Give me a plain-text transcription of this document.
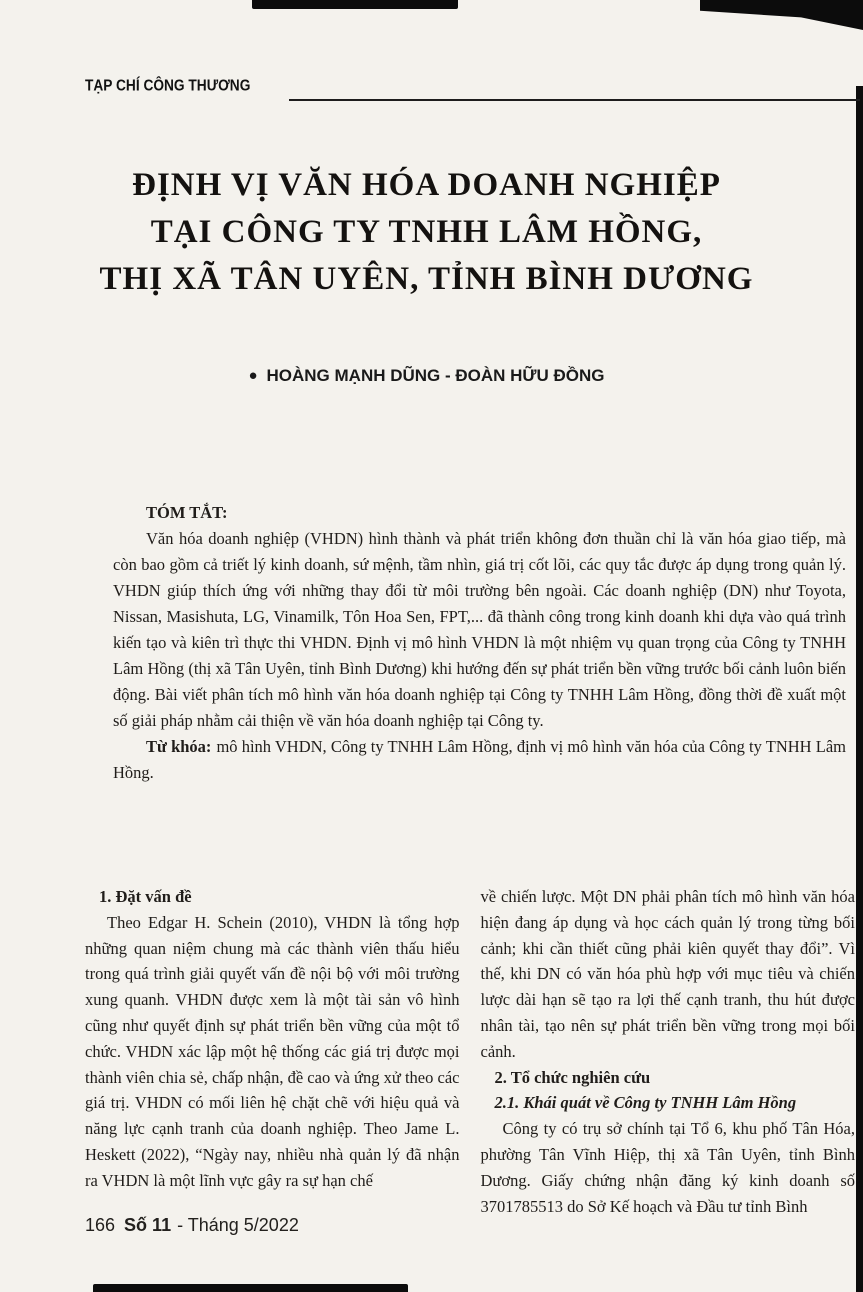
TẠP CHÍ CÔNG THƯƠNG
ĐỊNH VỊ VĂN HÓA DOANH NGHIỆP
TẠI CÔNG TY TNHH LÂM HỒNG,
THỊ XÃ TÂN UYÊN, TỈNH BÌNH DƯƠNG
● HOÀNG MẠNH DŨNG - ĐOÀN HỮU ĐỒNG
TÓM TẮT:

Văn hóa doanh nghiệp (VHDN) hình thành và phát triển không đơn thuần chỉ là văn hóa giao tiếp, mà còn bao gồm cả triết lý kinh doanh, sứ mệnh, tầm nhìn, giá trị cốt lõi, các quy tắc được áp dụng trong quản lý. VHDN giúp thích ứng với những thay đổi từ môi trường bên ngoài. Các doanh nghiệp (DN) như Toyota, Nissan, Masishuta, LG, Vinamilk, Tôn Hoa Sen, FPT,... đã thành công trong kinh doanh khi dựa vào quá trình kiến tạo và kiên trì thực thi VHDN. Định vị mô hình VHDN là một nhiệm vụ quan trọng của Công ty TNHH Lâm Hồng (thị xã Tân Uyên, tỉnh Bình Dương) khi hướng đến sự phát triển bền vững trước bối cảnh luôn biến động. Bài viết phân tích mô hình văn hóa doanh nghiệp tại Công ty TNHH Lâm Hồng, đồng thời đề xuất một số giải pháp nhằm cải thiện về văn hóa doanh nghiệp tại Công ty.

Từ khóa: mô hình VHDN, Công ty TNHH Lâm Hồng, định vị mô hình văn hóa của Công ty TNHH Lâm Hồng.

1. Đặt vấn đề

Theo Edgar H. Schein (2010), VHDN là tổng hợp những quan niệm chung mà các thành viên thấu hiểu trong quá trình giải quyết vấn đề nội bộ với môi trường xung quanh. VHDN được xem là một tài sản vô hình cũng như quyết định sự phát triển bền vững của một tổ chức. VHDN xác lập một hệ thống các giá trị được mọi thành viên chia sẻ, chấp nhận, đề cao và ứng xử theo các giá trị. VHDN có mối liên hệ chặt chẽ với hiệu quả và năng lực cạnh tranh của doanh nghiệp. Theo Jame L. Heskett (2022), “Ngày nay, nhiều nhà quản lý đã nhận ra VHDN là một lĩnh vực gây ra sự hạn chế

về chiến lược. Một DN phải phân tích mô hình văn hóa hiện đang áp dụng và học cách quản lý trong từng bối cảnh; khi cần thiết cũng phải kiên quyết thay đổi”. Vì thế, khi DN có văn hóa phù hợp với mục tiêu và chiến lược dài hạn sẽ tạo ra lợi thế cạnh tranh, thu hút được nhân tài, tạo nên sự phát triển bền vững trong mọi bối cảnh.

2. Tổ chức nghiên cứu
2.1. Khái quát về Công ty TNHH Lâm Hồng

Công ty có trụ sở chính tại Tổ 6, khu phố Tân Hóa, phường Tân Vĩnh Hiệp, thị xã Tân Uyên, tỉnh Bình Dương. Giấy chứng nhận đăng ký kinh doanh số 3701785513 do Sở Kế hoạch và Đầu tư tỉnh Bình

166 Số 11 - Tháng 5/2022
